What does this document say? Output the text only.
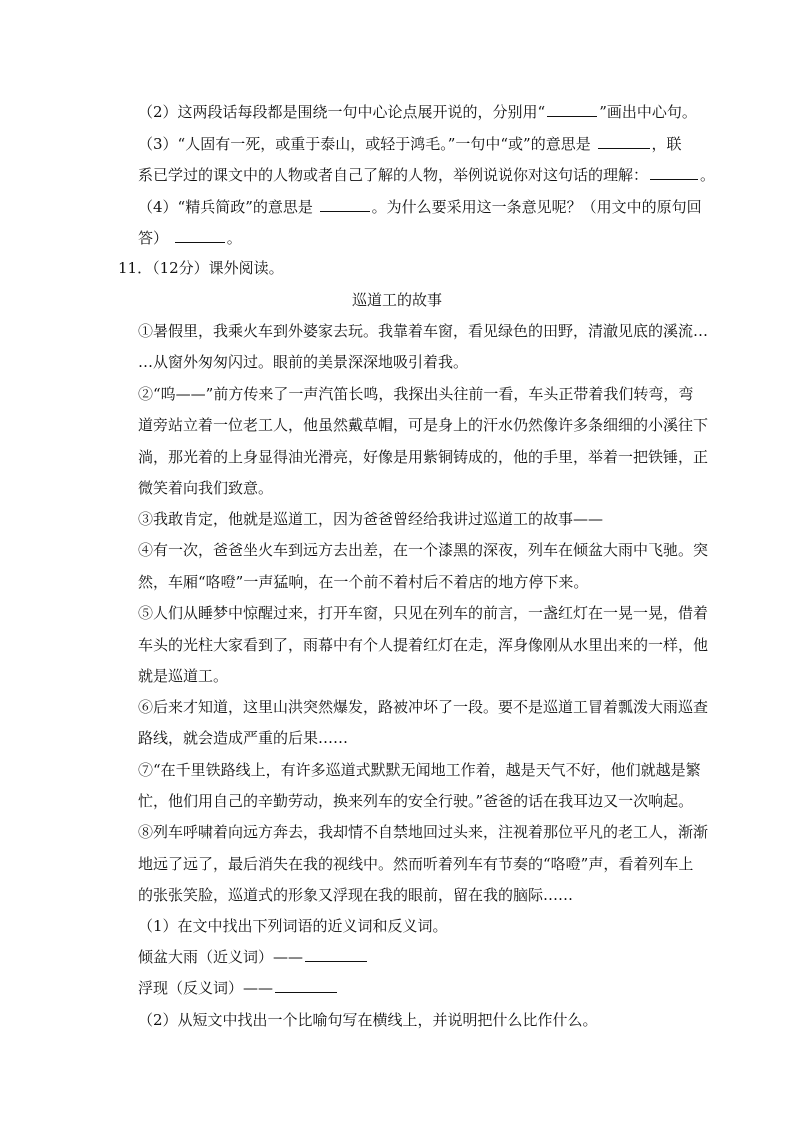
（2）这两段话每段都是围绕一句中心论点展开说的，分别用“	”画出中心句。
（3）“人固有一死，或重于泰山，或轻于鸿毛。”一句中“或”的意思是	，联
系已学过的课文中的人物或者自己了解的人物，举例说说你对这句话的理解：	。
（4）“精兵简政”的意思是	。为什么要采用这一条意见呢？（用文中的原句回
答）	。
11．（12分）课外阅读。
巡道工的故事
①暑假里，我乘火车到外婆家去玩。我靠着车窗，看见绿色的田野，清澈见底的溪流…
…从窗外匆匆闪过。眼前的美景深深地吸引着我。
②“呜——”前方传来了一声汽笛长鸣，我探出头往前一看，车头正带着我们转弯，弯
道旁站立着一位老工人，他虽然戴草帽，可是身上的汗水仍然像许多条细细的小溪往下
淌，那光着的上身显得油光滑亮，好像是用紫铜铸成的，他的手里，举着一把铁锤，正
微笑着向我们致意。
③我敢肯定，他就是巡道工，因为爸爸曾经给我讲过巡道工的故事——
④有一次，爸爸坐火车到远方去出差，在一个漆黑的深夜，列车在倾盆大雨中飞驰。突
然，车厢“咯噔”一声猛响，在一个前不着村后不着店的地方停下来。
⑤人们从睡梦中惊醒过来，打开车窗，只见在列车的前言，一盏红灯在一晃一晃，借着
车头的光柱大家看到了，雨幕中有个人提着红灯在走，浑身像刚从水里出来的一样，他
就是巡道工。
⑥后来才知道，这里山洪突然爆发，路被冲坏了一段。要不是巡道工冒着瓢泼大雨巡查
路线，就会造成严重的后果……
⑦“在千里铁路线上，有许多巡道式默默无闻地工作着，越是天气不好，他们就越是繁
忙，他们用自己的辛勤劳动，换来列车的安全行驶。”爸爸的话在我耳边又一次响起。
⑧列车呼啸着向远方奔去，我却情不自禁地回过头来，注视着那位平凡的老工人，渐渐
地远了远了，最后消失在我的视线中。然而听着列车有节奏的“咯噔”声，看着列车上
的张张笑脸，巡道式的形象又浮现在我的眼前，留在我的脑际……
（1）在文中找出下列词语的近义词和反义词。
倾盆大雨（近义词）——
浮现（反义词）——
（2）从短文中找出一个比喻句写在横线上，并说明把什么比作什么。
